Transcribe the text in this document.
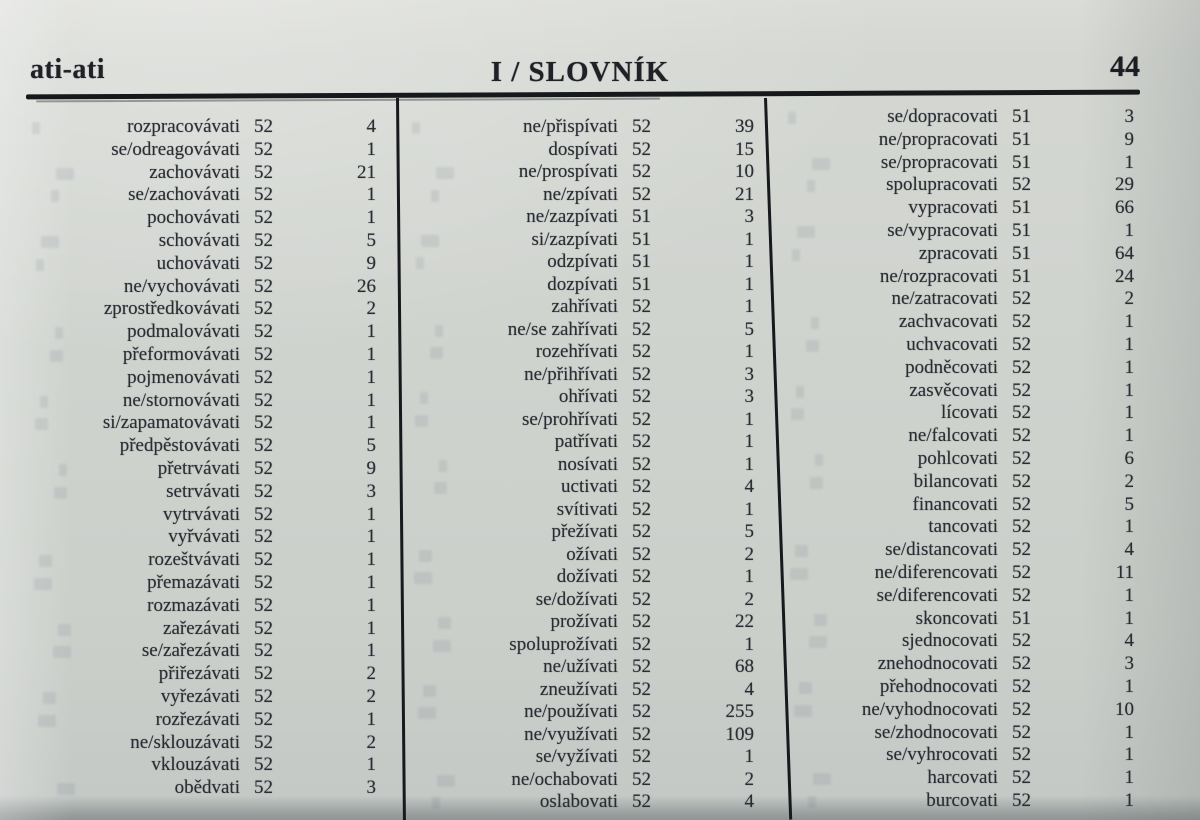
ati-ati	I / SLOVNÍK	44
rozpracovávati 52	4
se/odreagovávati 52	1
zachovávati 52	21
se/zachovávati 52	1
pochovávati 52	1
schovávati 52	5
uchovávati 52	9
ne/vychovávati 52	26
zprostředkovávati 52	2
podmalovávati 52	1
přeformovávati 52	1
pojmenovávati 52	1
ne/stornovávati 52	1
si/zapamatovávati 52	1
předpěstovávati 52	5
přetrvávati 52	9
setrvávati 52	3
vytrvávati 52	1
vyřvávati 52	1
rozeštvávati 52	1
přemazávati 52	1
rozmazávati 52	1
zařezávati 52	1
se/zařezávati 52	1
přiřezávati 52	2
vyřezávati 52	2
rozřezávati 52	1
ne/sklouzávati 52	2
vklouzávati 52	1
obědvati 52	3
ne/přispívati 52	39
dospívati 52	15
ne/prospívati 52	10
ne/zpívati 52	21
ne/zazpívati 51	3
si/zazpívati 51	1
odzpívati 51	1
dozpívati 51	1
zahřívati 52	1
ne/se zahřívati 52	5
rozehřívati 52	1
ne/přihřívati 52	3
ohřívati 52	3
se/prohřívati 52	1
patřívati 52	1
nosívati 52	1
uctivati 52	4
svítivati 52	1
přežívati 52	5
ožívati 52	2
dožívati 52	1
se/dožívati 52	2
prožívati 52	22
spoluprožívati 52	1
ne/užívati 52	68
zneužívati 52	4
ne/používati 52	255
ne/využívati 52	109
se/vyžívati 52	1
ne/ochabovati 52	2
oslabovati 52	4
se/dopracovati 51	3
ne/propracovati 51	9
se/propracovati 51	1
spolupracovati 52	29
vypracovati 51	66
se/vypracovati 51	1
zpracovati 51	64
ne/rozpracovati 51	24
ne/zatracovati 52	2
zachvacovati 52	1
uchvacovati 52	1
podněcovati 52	1
zasvěcovati 52	1
lícovati 52	1
ne/falcovati 52	1
pohlcovati 52	6
bilancovati 52	2
financovati 52	5
tancovati 52	1
se/distancovati 52	4
ne/diferencovati 52	11
se/diferencovati 52	1
skoncovati 51	1
sjednocovati 52	4
znehodnocovati 52	3
přehodnocovati 52	1
ne/vyhodnocovati 52	10
se/zhodnocovati 52	1
se/vyhrocovati 52	1
harcovati 52	1
burcovati 52	1
